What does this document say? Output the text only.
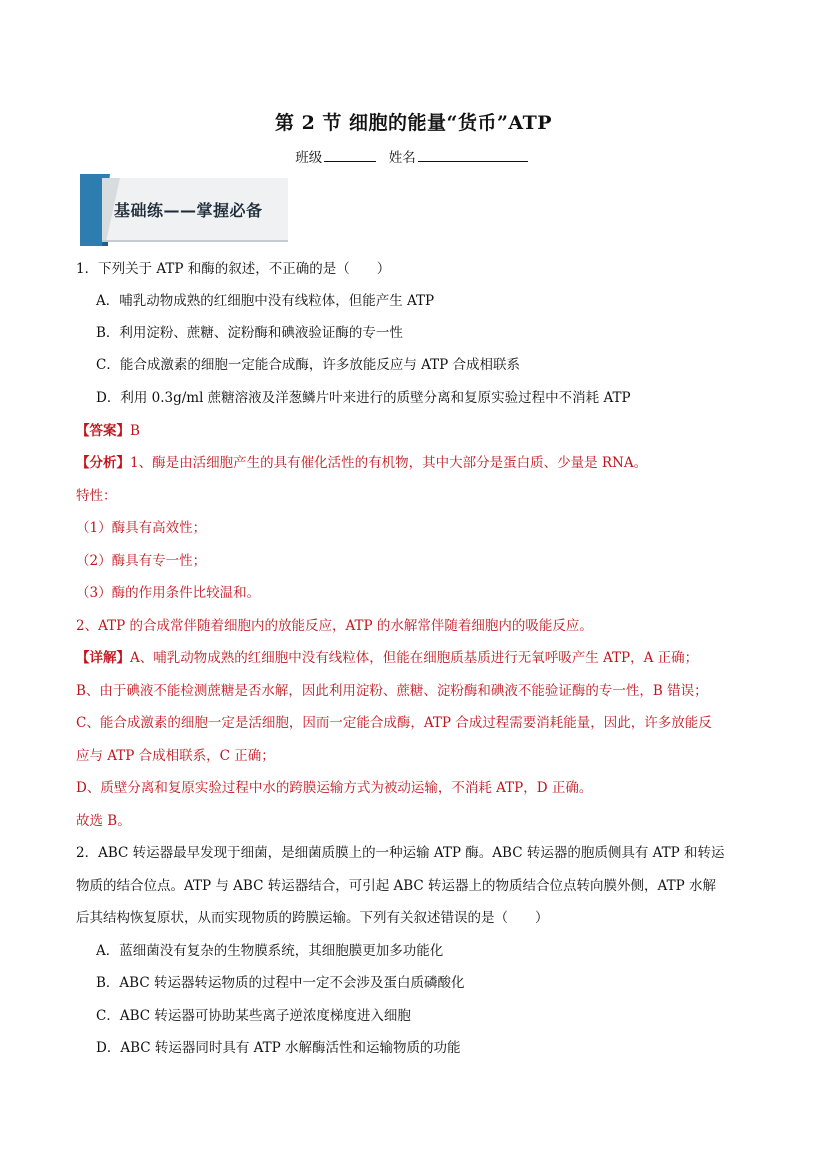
第 2 节 细胞的能量“货币”ATP
班级	姓名
基础练——掌握必备
1．下列关于 ATP 和酶的叙述，不正确的是（　　）
A．哺乳动物成熟的红细胞中没有线粒体，但能产生 ATP
B．利用淀粉、蔗糖、淀粉酶和碘液验证酶的专一性
C．能合成激素的细胞一定能合成酶，许多放能反应与 ATP 合成相联系
D．利用 0.3g/ml 蔗糖溶液及洋葱鳞片叶来进行的质壁分离和复原实验过程中不消耗 ATP
【答案】B
【分析】1、酶是由活细胞产生的具有催化活性的有机物，其中大部分是蛋白质、少量是 RNA。
特性：
（1）酶具有高效性；
（2）酶具有专一性；
（3）酶的作用条件比较温和。
2、ATP 的合成常伴随着细胞内的放能反应，ATP 的水解常伴随着细胞内的吸能反应。
【详解】A、哺乳动物成熟的红细胞中没有线粒体，但能在细胞质基质进行无氧呼吸产生 ATP，A 正确；
B、由于碘液不能检测蔗糖是否水解，因此利用淀粉、蔗糖、淀粉酶和碘液不能验证酶的专一性，B 错误；
C、能合成激素的细胞一定是活细胞，因而一定能合成酶，ATP 合成过程需要消耗能量，因此，许多放能反
应与 ATP 合成相联系，C 正确；
D、质壁分离和复原实验过程中水的跨膜运输方式为被动运输，不消耗 ATP，D 正确。
故选 B。
2．ABC 转运器最早发现于细菌，是细菌质膜上的一种运输 ATP 酶。ABC 转运器的胞质侧具有 ATP 和转运
物质的结合位点。ATP 与 ABC 转运器结合，可引起 ABC 转运器上的物质结合位点转向膜外侧，ATP 水解
后其结构恢复原状，从而实现物质的跨膜运输。下列有关叙述错误的是（　　）
A．蓝细菌没有复杂的生物膜系统，其细胞膜更加多功能化
B．ABC 转运器转运物质的过程中一定不会涉及蛋白质磷酸化
C．ABC 转运器可协助某些离子逆浓度梯度进入细胞
D．ABC 转运器同时具有 ATP 水解酶活性和运输物质的功能
